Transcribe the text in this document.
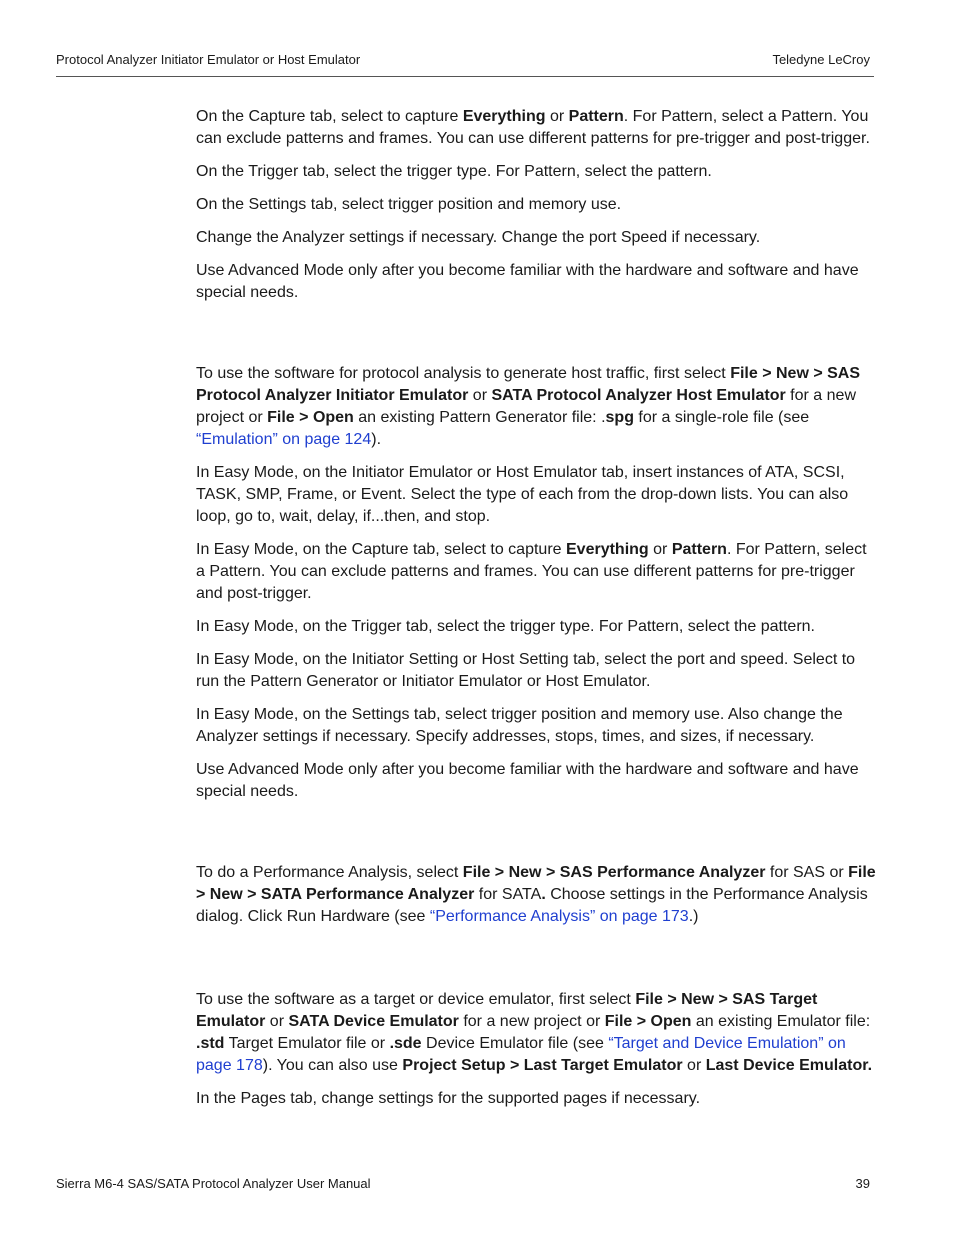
Protocol Analyzer Initiator Emulator or Host Emulator	Teledyne LeCroy

On the Capture tab, select to capture Everything or Pattern. For Pattern, select a Pattern. You can exclude patterns and frames. You can use different patterns for pre-trigger and post-trigger.

On the Trigger tab, select the trigger type. For Pattern, select the pattern.

On the Settings tab, select trigger position and memory use.

Change the Analyzer settings if necessary. Change the port Speed if necessary.

Use Advanced Mode only after you become familiar with the hardware and software and have special needs.

To use the software for protocol analysis to generate host traffic, first select File > New > SAS Protocol Analyzer Initiator Emulator or SATA Protocol Analyzer Host Emulator for a new project or File > Open an existing Pattern Generator file: .spg for a single-role file (see “Emulation” on page 124).

In Easy Mode, on the Initiator Emulator or Host Emulator tab, insert instances of ATA, SCSI, TASK, SMP, Frame, or Event. Select the type of each from the drop-down lists. You can also loop, go to, wait, delay, if...then, and stop.

In Easy Mode, on the Capture tab, select to capture Everything or Pattern. For Pattern, select a Pattern. You can exclude patterns and frames. You can use different patterns for pre-trigger and post-trigger.

In Easy Mode, on the Trigger tab, select the trigger type. For Pattern, select the pattern.

In Easy Mode, on the Initiator Setting or Host Setting tab, select the port and speed. Select to run the Pattern Generator or Initiator Emulator or Host Emulator.

In Easy Mode, on the Settings tab, select trigger position and memory use. Also change the Analyzer settings if necessary. Specify addresses, stops, times, and sizes, if necessary.

Use Advanced Mode only after you become familiar with the hardware and software and have special needs.

To do a Performance Analysis, select File > New > SAS Performance Analyzer for SAS or File > New > SATA Performance Analyzer for SATA. Choose settings in the Performance Analysis dialog. Click Run Hardware (see “Performance Analysis” on page 173.)

To use the software as a target or device emulator, first select File > New > SAS Target Emulator or SATA Device Emulator for a new project or File > Open an existing Emulator file: .std Target Emulator file or .sde Device Emulator file (see “Target and Device Emulation” on page 178). You can also use Project Setup > Last Target Emulator or Last Device Emulator.

In the Pages tab, change settings for the supported pages if necessary.

Sierra M6-4 SAS/SATA Protocol Analyzer User Manual	39
